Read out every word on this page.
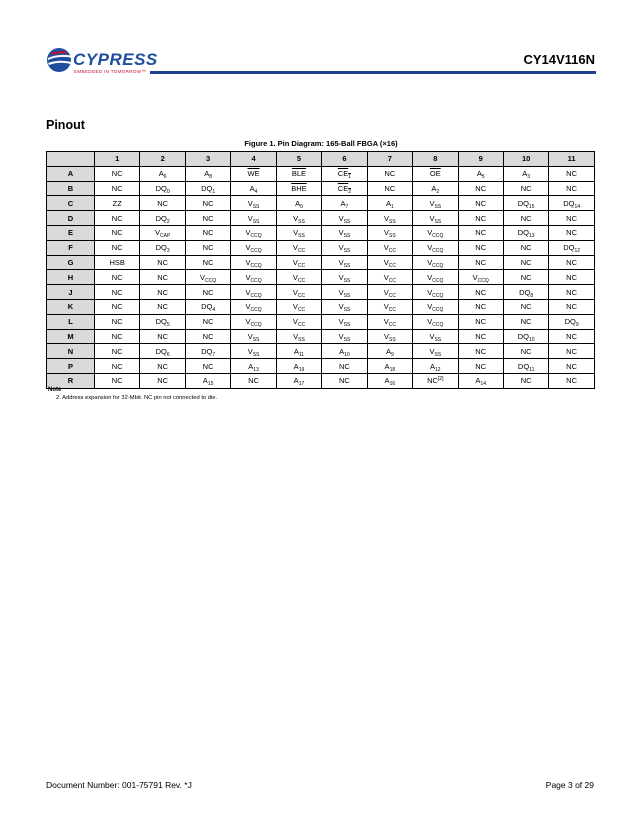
CYPRESS
EMBEDDED IN TOMORROW™
CY14V116N
Pinout
Figure 1. Pin Diagram: 165-Ball FBGA (×16)
	1	2	3	4	5	6	7	8	9	10	11
A	NC	$A_6$	$A_8$	$\overline{WE}$	$\overline{BLE}$	$\overline{CE}_1$	NC	$\overline{OE}$	$A_5$	$A_3$	NC
B	NC	$DQ_0$	$DQ_1$	$A_4$	$\overline{BHE}$	$\overline{CE}_2$	NC	$A_2$	NC	NC	NC
C	ZZ	NC	NC	$V_{SS}$	$A_0$	$A_7$	$A_1$	$V_{SS}$	NC	$DQ_{15}$	$DQ_{14}$
D	NC	$DQ_2$	NC	$V_{SS}$	$V_{SS}$	$V_{SS}$	$V_{SS}$	$V_{SS}$	NC	NC	NC
E	NC	$V_{CAP}$	NC	$V_{CCQ}$	$V_{SS}$	$V_{SS}$	$V_{SS}$	$V_{CCQ}$	NC	$DQ_{13}$	NC
F	NC	$DQ_3$	NC	$V_{CCQ}$	$V_{CC}$	$V_{SS}$	$V_{CC}$	$V_{CCQ}$	NC	NC	$DQ_{12}$
G	HSB	NC	NC	$V_{CCQ}$	$V_{CC}$	$V_{SS}$	$V_{CC}$	$V_{CCQ}$	NC	NC	NC
H	NC	NC	$V_{CCQ}$	$V_{CCQ}$	$V_{CC}$	$V_{SS}$	$V_{CC}$	$V_{CCQ}$	$V_{CCQ}$	NC	NC
J	NC	NC	NC	$V_{CCQ}$	$V_{CC}$	$V_{SS}$	$V_{CC}$	$V_{CCQ}$	NC	$DQ_8$	NC
K	NC	NC	$DQ_4$	$V_{CCQ}$	$V_{CC}$	$V_{SS}$	$V_{CC}$	$V_{CCQ}$	NC	NC	NC
L	NC	$DQ_5$	NC	$V_{CCQ}$	$V_{CC}$	$V_{SS}$	$V_{CC}$	$V_{CCQ}$	NC	NC	$DQ_9$
M	NC	NC	NC	$V_{SS}$	$V_{SS}$	$V_{SS}$	$V_{SS}$	$V_{SS}$	NC	$DQ_{10}$	NC
N	NC	$DQ_6$	$DQ_7$	$V_{SS}$	$A_{11}$	$A_{10}$	$A_9$	$V_{SS}$	NC	NC	NC
P	NC	NC	NC	$A_{13}$	$A_{19}$	NC	$A_{18}$	$A_{12}$	NC	$DQ_{11}$	NC
R	NC	NC	$A_{15}$	NC	$A_{17}$	NC	$A_{16}$	NC[2]	$A_{14}$	NC	NC
Note
2. Address expansion for 32-Mbit. NC pin not connected to die.
Document Number: 001-75791 Rev. *J	Page 3 of 29
